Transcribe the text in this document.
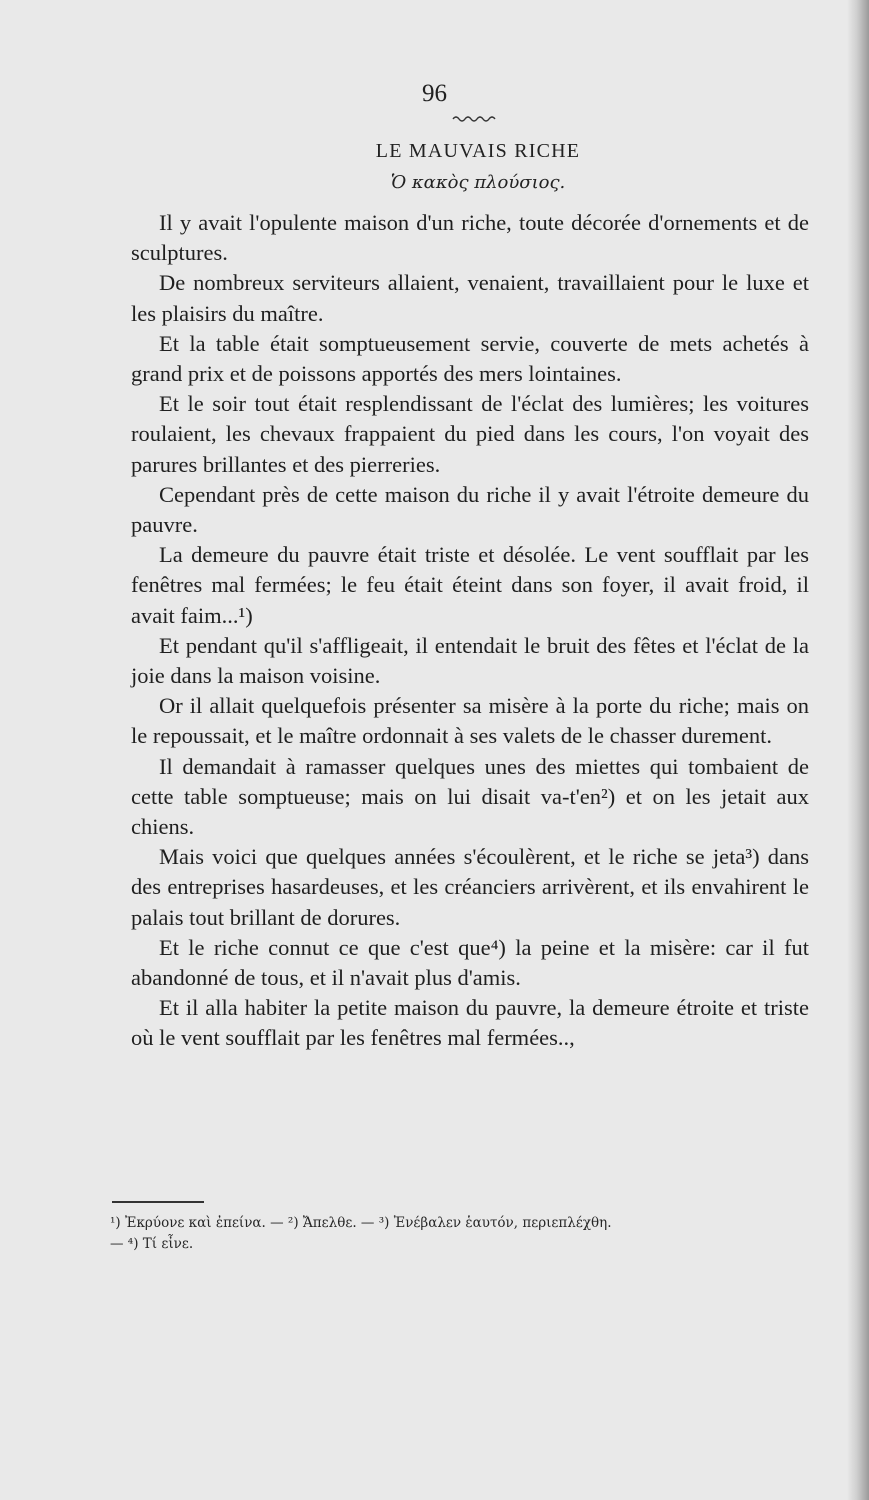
96
LE MAUVAIS RICHE
Ὁ κακὸς πλούσιος.

Il y avait l'opulente maison d'un riche, toute décorée d'ornements et de sculptures.

De nombreux serviteurs allaient, venaient, travaillaient pour le luxe et les plaisirs du maître.

Et la table était somptueusement servie, couverte de mets achetés à grand prix et de poissons apportés des mers lointaines.

Et le soir tout était resplendissant de l'éclat des lumières; les voitures roulaient, les chevaux frappaient du pied dans les cours, l'on voyait des parures brillantes et des pierreries.

Cependant près de cette maison du riche il y avait l'étroite demeure du pauvre.

La demeure du pauvre était triste et désolée. Le vent soufflait par les fenêtres mal fermées; le feu était éteint dans son foyer, il avait froid, il avait faim...¹)

Et pendant qu'il s'affligeait, il entendait le bruit des fêtes et l'éclat de la joie dans la maison voisine.

Or il allait quelquefois présenter sa misère à la porte du riche; mais on le repoussait, et le maître ordonnait à ses valets de le chasser durement.

Il demandait à ramasser quelques unes des miettes qui tombaient de cette table somptueuse; mais on lui disait va-t'en²) et on les jetait aux chiens.

Mais voici que quelques années s'écoulèrent, et le riche se jeta³) dans des entreprises hasardeuses, et les créanciers arrivèrent, et ils envahirent le palais tout brillant de dorures.

Et le riche connut ce que c'est que⁴) la peine et la misère: car il fut abandonné de tous, et il n'avait plus d'amis.

Et il alla habiter la petite maison du pauvre, la demeure étroite et triste où le vent soufflait par les fenêtres mal fermées..,

¹) Ἐκρύονε καὶ ἐπείνα. — ²) Ἄπελθε. — ³) Ἐνέβαλεν ἑαυτόν, περιεπλέχθη.
— ⁴) Τί εἶνε.
